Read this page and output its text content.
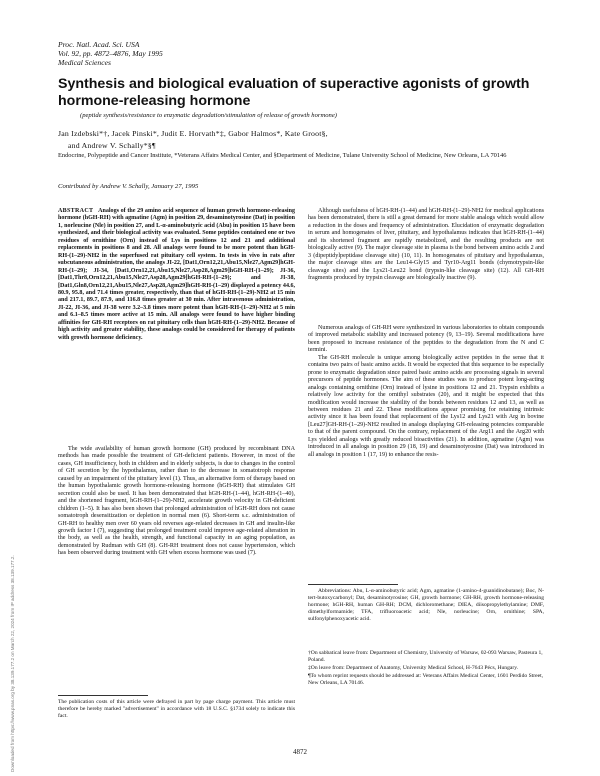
Proc. Natl. Acad. Sci. USA
Vol. 92, pp. 4872–4876, May 1995
Medical Sciences
Synthesis and biological evaluation of superactive agonists of growth hormone-releasing hormone
(peptide synthesis/resistance to enzymatic degradation/stimulation of release of growth hormone)
Jan Izdebski*†, Jacek Pinski*, Judit E. Horvath*‡, Gabor Halmos*, Kate Groot§,
and Andrew V. Schally*§¶
Endocrine, Polypeptide and Cancer Institute, *Veterans Affairs Medical Center, and §Department of Medicine, Tulane University School of Medicine, New Orleans, LA 70146
Contributed by Andrew V. Schally, January 27, 1995
ABSTRACT Analogs of the 29 amino acid sequence of human growth hormone-releasing hormone (hGH-RH) with agmatine (Agm) in position 29, desaminotyrosine (Dat) in position 1, norleucine (Nle) in position 27, and L-α-aminobutyric acid (Abu) in position 15 have been synthesized, and their biological activity was evaluated. Some peptides contained one or two residues of ornithine (Orn) instead of Lys in positions 12 and 21 and additional replacements in positions 8 and 28. All analogs were found to be more potent than hGH-RH-(1–29)-NH2 in the superfused rat pituitary cell system. In tests in vivo in rats after subcutaneous administration, the analogs JI-22, [Dat1,Orn12,21,Abu15,Nle27,Agm29]hGH-RH-(1–29); JI-34, [Dat1,Orn12,21,Abu15,Nle27,Asp28,Agm29]hGH-RH-(1–29); JI-36, [Dat1,Thr8,Orn12,21,Abu15,Nle27,Asp28,Agm29]hGH-RH-(1–29); and JI-38, [Dat1,Gln8,Orn12,21,Abu15,Nle27,Asp28,Agm29]hGH-RH-(1–29) displayed a potency 44.6, 80.9, 95.8, and 71.4 times greater, respectively, than that of hGH-RH-(1–29)-NH2 at 15 min and 217.1, 89.7, 87.9, and 116.8 times greater at 30 min. After intravenous administration, JI-22, JI-36, and JI-38 were 3.2–3.8 times more potent than hGH-RH-(1–29)-NH2 at 5 min and 6.1–8.5 times more active at 15 min. All analogs were found to have higher binding affinities for GH-RH receptors on rat pituitary cells than hGH-RH-(1–29)-NH2. Because of high activity and greater stability, these analogs could be considered for therapy of patients with growth hormone deficiency.
The wide availability of human growth hormone (GH) produced by recombinant DNA methods has made possible the treatment of GH-deficient patients. However, in most of the cases, GH insufficiency, both in children and in elderly subjects, is due to changes in the control of GH secretion by the hypothalamus, rather than to the decrease in somatotroph response caused by an impairment of the pituitary level (1). Thus, an alternative form of therapy based on the human hypothalamic growth hormone-releasing hormone (hGH-RH) that stimulates GH secretion could also be used. It has been demonstrated that hGH-RH-(1–44), hGH-RH-(1–40), and the shortened fragment, hGH-RH-(1–29)-NH2, accelerate growth velocity in GH-deficient children (1–5). It has also been shown that prolonged administration of hGH-RH does not cause somatotroph desensitization or depletion in normal men (6). Short-term s.c. administration of GH-RH to healthy men over 60 years old reverses age-related decreases in GH and insulin-like growth factor I (7), suggesting that prolonged treatment could improve age-related alteration in the body, as well as the health, strength, and functional capacity in an aging population, as demonstrated by Rudman with GH (8). GH-RH treatment does not cause hypertension, which has been observed during treatment with GH when excess hormone was used (7).
The publication costs of this article were defrayed in part by page charge payment. This article must therefore be hereby marked "advertisement" in accordance with 18 U.S.C. §1734 solely to indicate this fact.
Although usefulness of hGH-RH-(1–44) and hGH-RH-(1–29)-NH2 for medical applications has been demonstrated, there is still a great demand for more stable analogs which would allow a reduction in the doses and frequency of administration. Elucidation of enzymatic degradation in serum and homogenates of liver, pituitary, and hypothalamus indicates that hGH-RH-(1–44) and its shortened fragment are rapidly metabolized, and the resulting products are not biologically active (9). The major cleavage site in plasma is the bond between amino acids 2 and 3 (dipeptidylpeptidase cleavage site) (10, 11). In homogenates of pituitary and hypothalamus, the major cleavage sites are the Leu14-Gly15 and Tyr10-Arg11 bonds (chymotrypsin-like cleavage sites) and the Lys21-Leu22 bond (trypsin-like cleavage site) (12). All GH-RH fragments produced by trypsin cleavage are biologically inactive (9).
Numerous analogs of GH-RH were synthesized in various laboratories to obtain compounds of improved metabolic stability and increased potency (9, 13–19). Several modifications have been proposed to increase resistance of the peptides to the degradation from the N and C termini.
The GH-RH molecule is unique among biologically active peptides in the sense that it contains two pairs of basic amino acids. It would be expected that this sequence to be especially prone to enzymatic degradation since paired basic amino acids are processing signals in several precursors of peptide hormones. The aim of these studies was to produce potent long-acting analogs containing ornithine (Orn) instead of lysine in positions 12 and 21. Trypsin exhibits a relatively low activity for the ornithyl substrates (20), and it might be expected that this modification would increase the stability of the bonds between residues 12 and 13, as well as between residues 21 and 22. These modifications appear promising for retaining intrinsic activity since it has been found that replacement of the Lys12 and Lys21 with Arg in bovine [Leu27]GH-RH-(1–29)-NH2 resulted in analogs displaying GH-releasing potencies comparable to that of the parent compound. On the contrary, replacement of the Arg11 and the Arg20 with Lys yielded analogs with greatly reduced bioactivities (21). In addition, agmatine (Agm) was introduced in all analogs in position 29 (18, 19) and desaminotyrosine (Dat) was introduced in all analogs in position 1 (17, 19) to enhance the resis-
Abbreviations: Abu, L-α-aminobutyric acid; Agm, agmatine (1-amino-4-guanidinobutane); Boc, N-tert-butoxycarbonyl; Dat, desaminotyrosine; GH, growth hormone; GH-RH, growth hormone-releasing hormone; hGH-RH, human GH-RH; DCM, dichloromethane; DIEA, diisopropylethylamine; DMF, dimethylformamide; TFA, trifluoroacetic acid; Nle, norleucine; Orn, ornithine; SPA, sulfonylphenoxyacetic acid.
†On sabbatical leave from: Department of Chemistry, University of Warsaw, 02-093 Warsaw, Pasteura 1, Poland.
‡On leave from: Department of Anatomy, University Medical School, H-7643 Pécs, Hungary.
¶To whom reprint requests should be addressed at: Veterans Affairs Medical Center, 1601 Perdido Street, New Orleans, LA 70146.
4872
Downloaded from https://www.pnas.org by 38.139.177.2 on March 22, 2024 from IP address 38.139.177.2.
